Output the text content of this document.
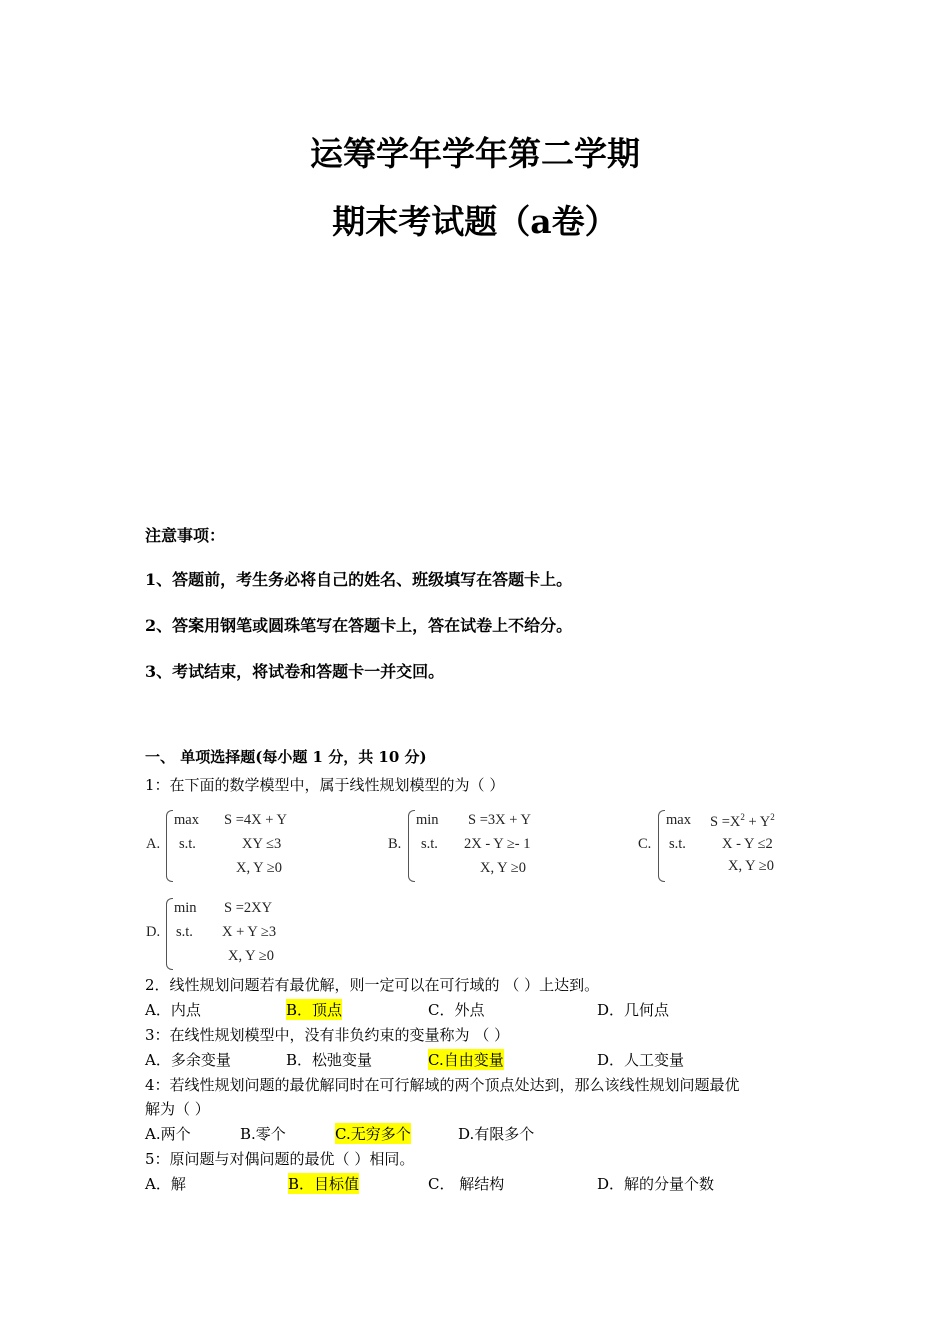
运筹学年学年第二学期
期末考试题（a卷）
注意事项：
1、答题前，考生务必将自己的姓名、班级填写在答题卡上。
2、答案用钢笔或圆珠笔写在答题卡上，答在试卷上不给分。
3、考试结束，将试卷和答题卡一并交回。
一、 单项选择题(每小题 1 分，共 10 分)
1：在下面的数学模型中，属于线性规划模型的为（ ）
A.
max S =4X + Y
s.t.	XY ≤3
X, Y ≥0
B.
min S =3X + Y
s.t. 2X - Y ≥- 1
X, Y ≥0
C.
$\max S =X^2 + Y^2$
s.t. X - Y ≤2
X, Y ≥0
D.
min S =2XY
s.t. X + Y ≥3
X, Y ≥0
2．线性规划问题若有最优解，则一定可以在可行域的 （ ）上达到。
A．内点	B．顶点	C．外点	D．几何点
3：在线性规划模型中，没有非负约束的变量称为 （ ）
A．多余变量	B．松弛变量	C.自由变量	D．人工变量
4：若线性规划问题的最优解同时在可行解域的两个顶点处达到，那么该线性规划问题最优
解为（ ）
A.两个	B.零个	C.无穷多个	D.有限多个
5：原问题与对偶问题的最优（ ）相同。
A．解	B．目标值	C． 解结构	D．解的分量个数
